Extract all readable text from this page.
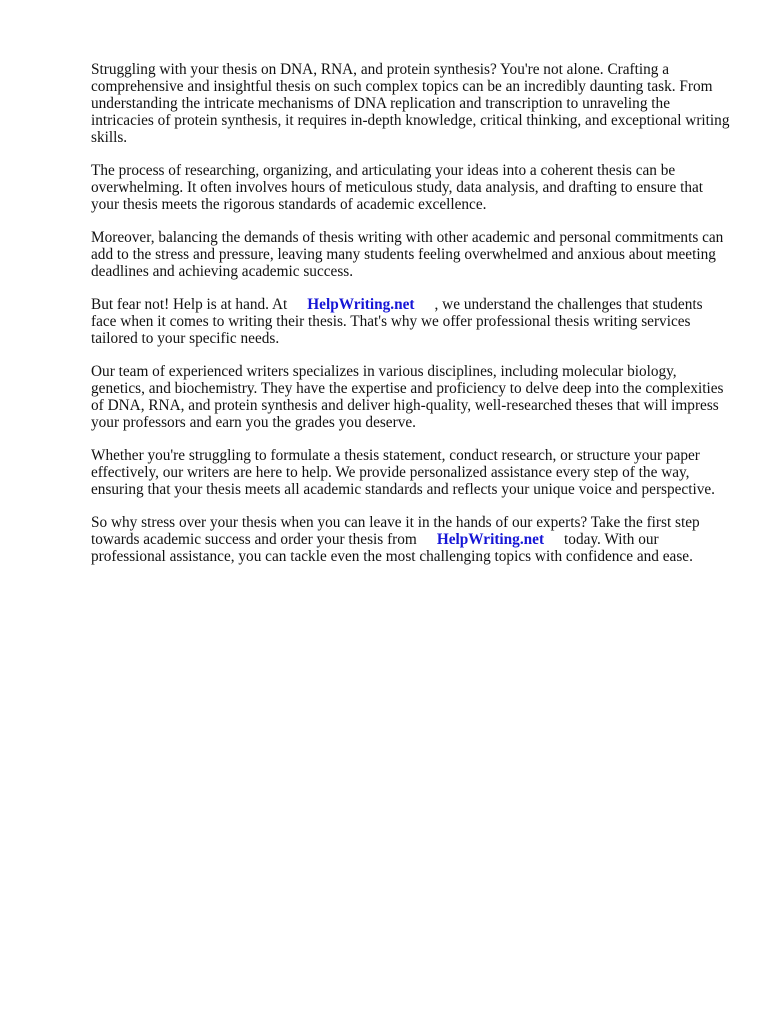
Struggling with your thesis on DNA, RNA, and protein synthesis? You're not alone. Crafting a comprehensive and insightful thesis on such complex topics can be an incredibly daunting task. From understanding the intricate mechanisms of DNA replication and transcription to unraveling the intricacies of protein synthesis, it requires in-depth knowledge, critical thinking, and exceptional writing skills.

The process of researching, organizing, and articulating your ideas into a coherent thesis can be overwhelming. It often involves hours of meticulous study, data analysis, and drafting to ensure that your thesis meets the rigorous standards of academic excellence.

Moreover, balancing the demands of thesis writing with other academic and personal commitments can add to the stress and pressure, leaving many students feeling overwhelmed and anxious about meeting deadlines and achieving academic success.

But fear not! Help is at hand. At HelpWriting.net , we understand the challenges that students face when it comes to writing their thesis. That's why we offer professional thesis writing services tailored to your specific needs.

Our team of experienced writers specializes in various disciplines, including molecular biology, genetics, and biochemistry. They have the expertise and proficiency to delve deep into the complexities of DNA, RNA, and protein synthesis and deliver high-quality, well-researched theses that will impress your professors and earn you the grades you deserve.

Whether you're struggling to formulate a thesis statement, conduct research, or structure your paper effectively, our writers are here to help. We provide personalized assistance every step of the way, ensuring that your thesis meets all academic standards and reflects your unique voice and perspective.

So why stress over your thesis when you can leave it in the hands of our experts? Take the first step towards academic success and order your thesis from HelpWriting.net today. With our professional assistance, you can tackle even the most challenging topics with confidence and ease.
